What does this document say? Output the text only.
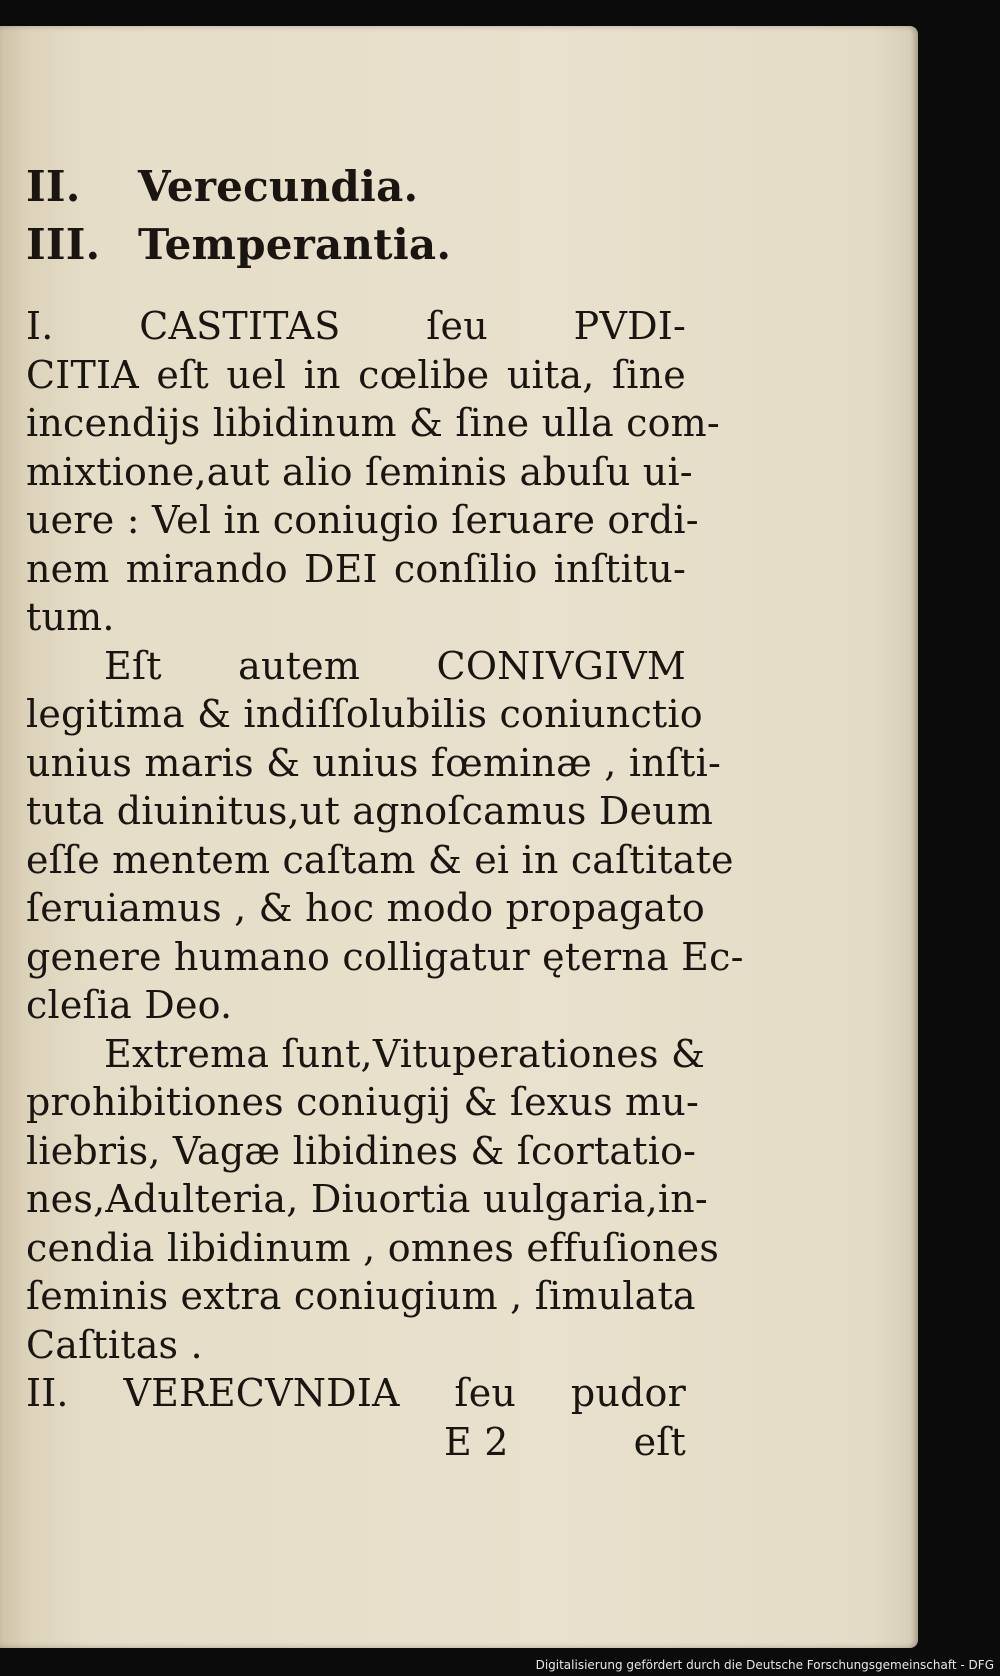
II. Verecundia.
III. Temperantia.
I. CASTITAS ſeu PVDI-
CITIA eſt uel in cœlibe uita, ſine
incendijs libidinum & ſine ulla com-
mixtione,aut alio ſeminis abuſu ui-
uere : Vel in coniugio ſeruare ordi-
nem mirando DEI conſilio inſtitu-
tum.
Eſt autem CONIVGIVM
legitima & indiſſolubilis coniunctio
unius maris & unius fœminæ , inſti-
tuta diuinitus,ut agnoſcamus Deum
eſſe mentem caſtam & ei in caſtitate
ſeruiamus , & hoc modo propagato
genere humano colligatur ęterna Ec-
cleſia Deo.
Extrema ſunt,Vituperationes &
prohibitiones coniugij & ſexus mu-
liebris, Vagæ libidines & ſcortatio-
nes,Adulteria, Diuortia uulgaria,in-
cendia libidinum , omnes effuſiones
ſeminis extra coniugium , ſimulata
Caſtitas .
II. VERECVNDIA ſeu pudor
E 2	eſt
Digitalisierung gefördert durch die Deutsche Forschungsgemeinschaft - DFG
